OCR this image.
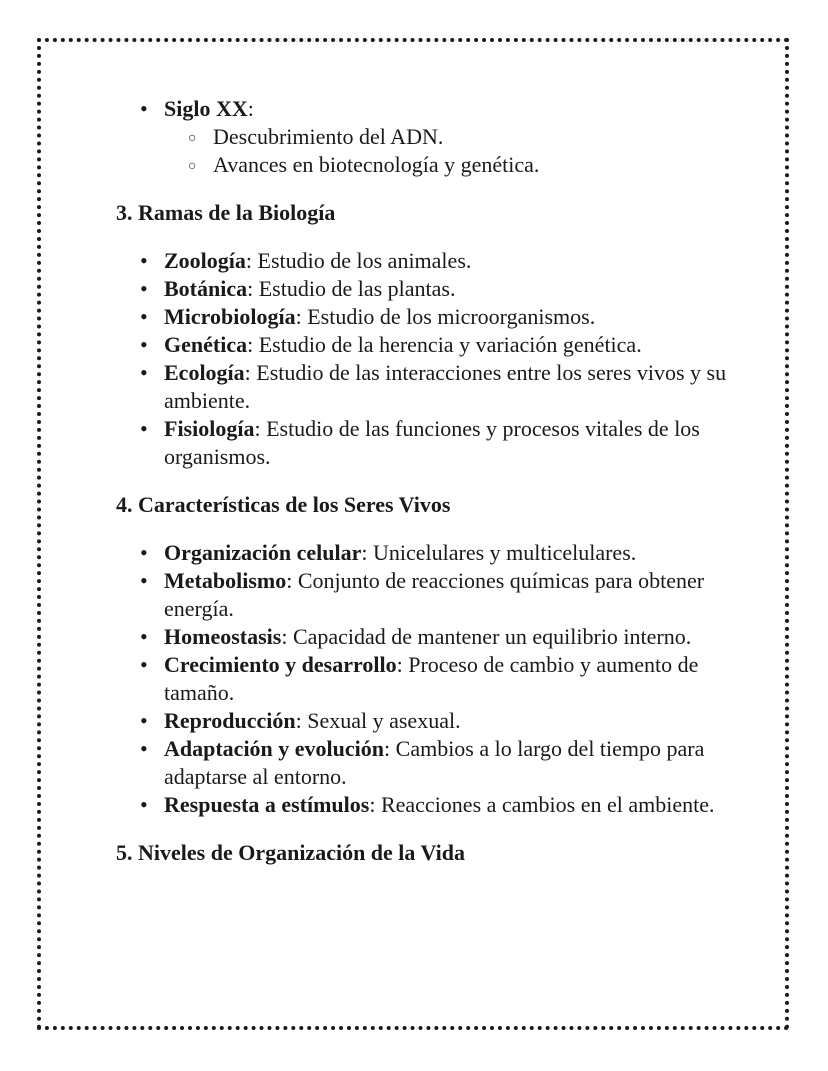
• Siglo XX:
○ Descubrimiento del ADN.
○ Avances en biotecnología y genética.
3. Ramas de la Biología
• Zoología: Estudio de los animales.
• Botánica: Estudio de las plantas.
• Microbiología: Estudio de los microorganismos.
• Genética: Estudio de la herencia y variación genética.
• Ecología: Estudio de las interacciones entre los seres vivos y su ambiente.
• Fisiología: Estudio de las funciones y procesos vitales de los organismos.
4. Características de los Seres Vivos
• Organización celular: Unicelulares y multicelulares.
• Metabolismo: Conjunto de reacciones químicas para obtener energía.
• Homeostasis: Capacidad de mantener un equilibrio interno.
• Crecimiento y desarrollo: Proceso de cambio y aumento de tamaño.
• Reproducción: Sexual y asexual.
• Adaptación y evolución: Cambios a lo largo del tiempo para adaptarse al entorno.
• Respuesta a estímulos: Reacciones a cambios en el ambiente.
5. Niveles de Organización de la Vida
